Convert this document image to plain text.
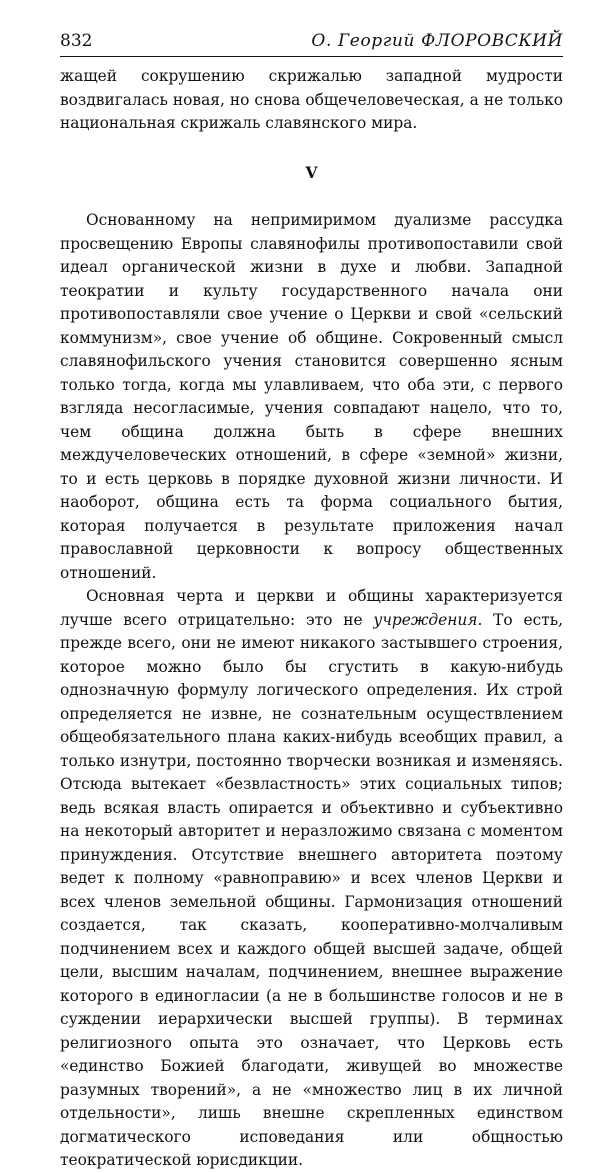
832	О. Георгий ФЛОРОВСКИЙ

жащей сокрушению скрижалью западной мудрости воздвигалась новая, но снова общечеловеческая, а не только национальная скрижаль славянского мира.

V

Основанному на непримиримом дуализме рассудка просвещению Европы славянофилы противопоставили свой идеал органической жизни в духе и любви. Западной теократии и культу государственного начала они противопоставляли свое учение о Церкви и свой «сельский коммунизм», свое учение об общине. Сокровенный смысл славянофильского учения становится совершенно ясным только тогда, когда мы улавливаем, что оба эти, с первого взгляда несогласимые, учения совпадают нацело, что то, чем община должна быть в сфере внешних междучеловеческих отношений, в сфере «земной» жизни, то и есть церковь в порядке духовной жизни личности. И наоборот, община есть та форма социального бытия, которая получается в результате приложения начал православной церковности к вопросу общественных отношений.

Основная черта и церкви и общины характеризуется лучше всего отрицательно: это не учреждения. То есть, прежде всего, они не имеют никакого застывшего строения, которое можно было бы сгустить в какую-нибудь однозначную формулу логического определения. Их строй определяется не извне, не сознательным осуществлением общеобязательного плана каких-нибудь всеобщих правил, а только изнутри, постоянно творчески возникая и изменяясь. Отсюда вытекает «безвластность» этих социальных типов; ведь всякая власть опирается и объективно и субъективно на некоторый авторитет и неразложимо связана с моментом принуждения. Отсутствие внешнего авторитета поэтому ведет к полному «равноправию» и всех членов Церкви и всех членов земельной общины. Гармонизация отношений создается, так сказать, кооперативно-молчаливым подчинением всех и каждого общей высшей задаче, общей цели, высшим началам, подчинением, внешнее выражение которого в единогласии (а не в большинстве голосов и не в суждении иерархически высшей группы). В терминах религиозного опыта это означает, что Церковь есть «единство Божией благодати, живущей во множестве разумных творений», а не «множество лиц в их личной отдельности», лишь внешне скрепленных единством догматического исповедания или общностью теократической юрисдикции.
